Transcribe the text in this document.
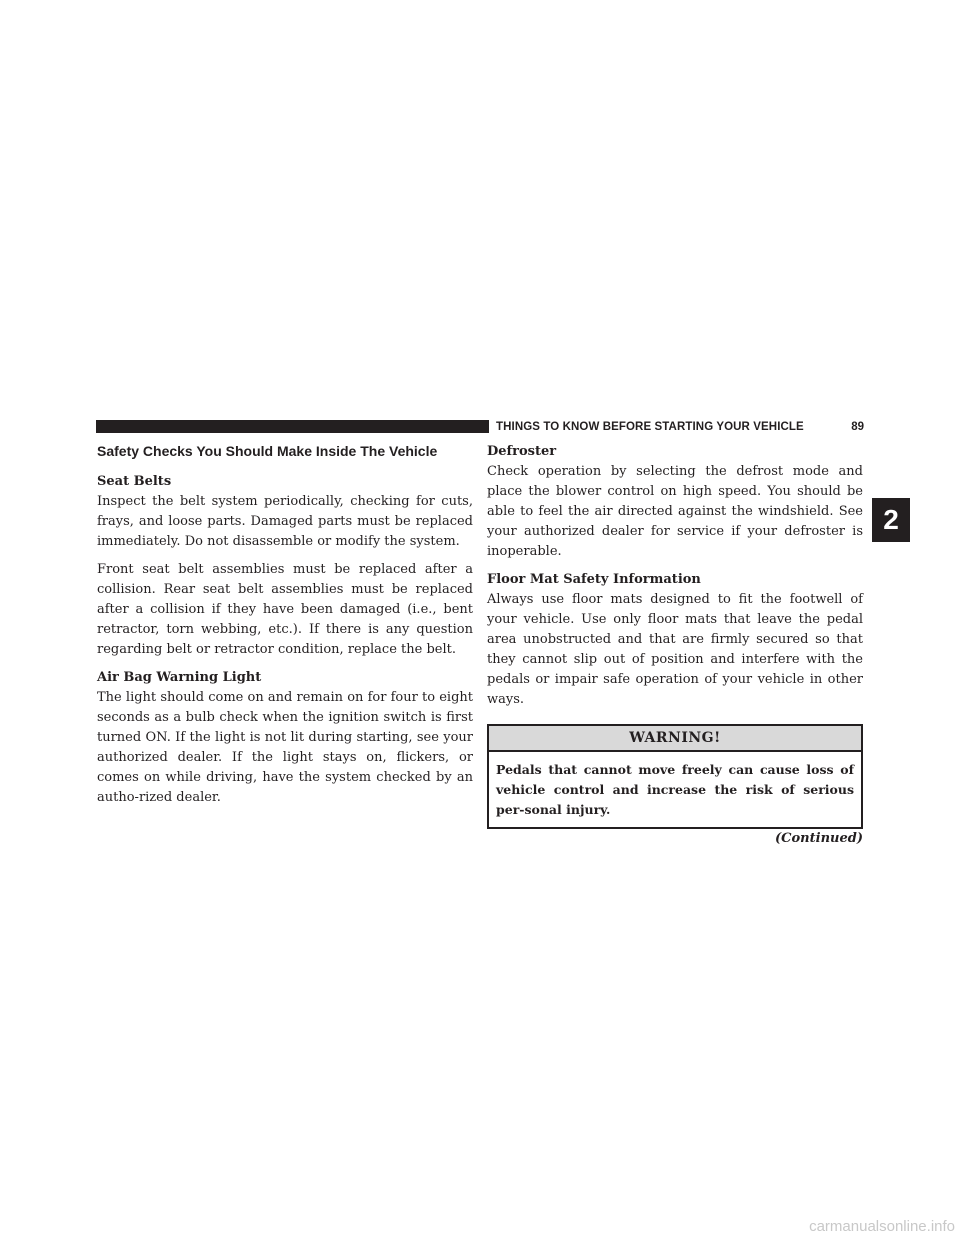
THINGS TO KNOW BEFORE STARTING YOUR VEHICLE	89
2
Safety Checks You Should Make Inside The Vehicle
Seat Belts

Inspect the belt system periodically, checking for cuts, frays, and loose parts. Damaged parts must be replaced immediately. Do not disassemble or modify the system.

Front seat belt assemblies must be replaced after a collision. Rear seat belt assemblies must be replaced after a collision if they have been damaged (i.e., bent retractor, torn webbing, etc.). If there is any question regarding belt or retractor condition, replace the belt.

Air Bag Warning Light

The light should come on and remain on for four to eight seconds as a bulb check when the ignition switch is first turned ON. If the light is not lit during starting, see your authorized dealer. If the light stays on, flickers, or comes on while driving, have the system checked by an autho-rized dealer.

Defroster

Check operation by selecting the defrost mode and place the blower control on high speed. You should be able to feel the air directed against the windshield. See your authorized dealer for service if your defroster is inoperable.

Floor Mat Safety Information

Always use floor mats designed to fit the footwell of your vehicle. Use only floor mats that leave the pedal area unobstructed and that are firmly secured so that they cannot slip out of position and interfere with the pedals or impair safe operation of your vehicle in other ways.

WARNING!
Pedals that cannot move freely can cause loss of vehicle control and increase the risk of serious per-sonal injury.
(Continued)
carmanualsonline.info
